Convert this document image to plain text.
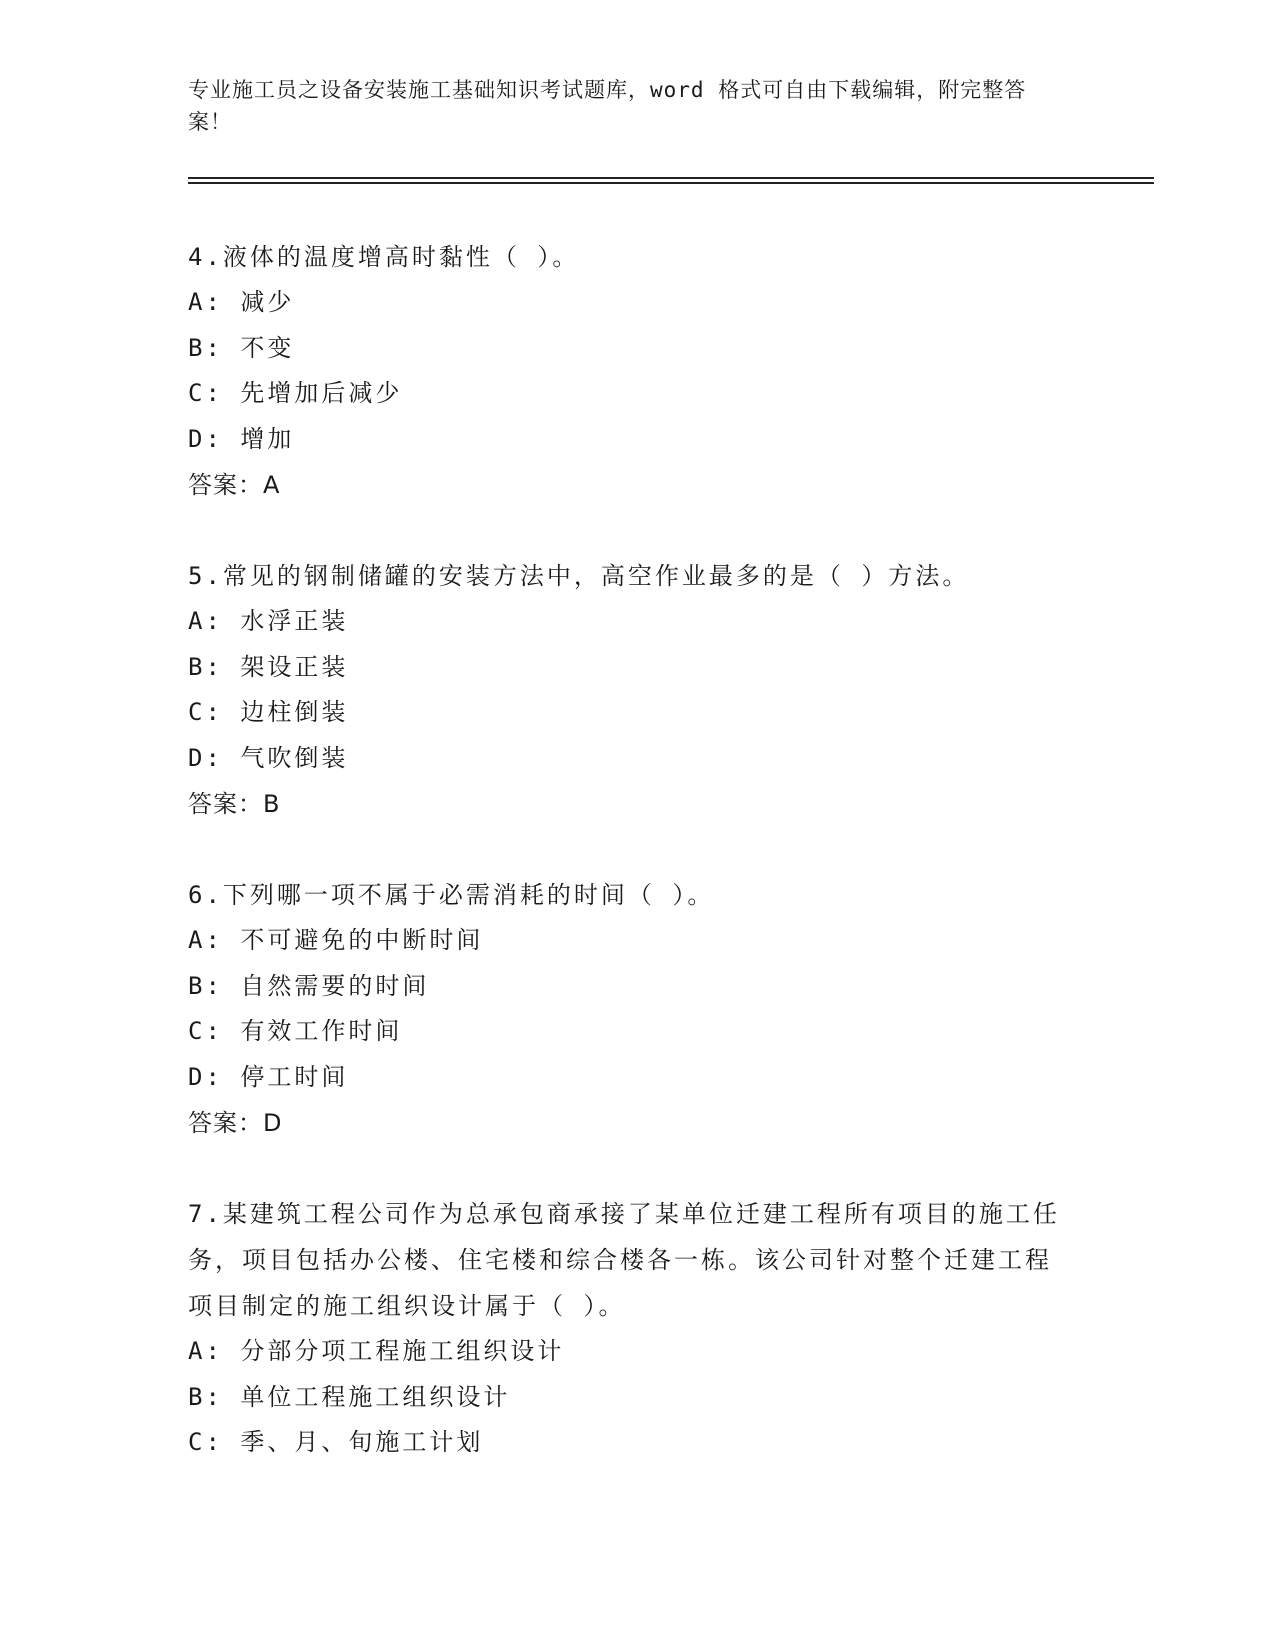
专业施工员之设备安装施工基础知识考试题库，word 格式可自由下载编辑，附完整答案！
4.液体的温度增高时黏性（ ）。
A: 减少
B: 不变
C: 先增加后减少
D: 增加
答案：A
5.常见的钢制储罐的安装方法中，高空作业最多的是（ ）方法。
A: 水浮正装
B: 架设正装
C: 边柱倒装
D: 气吹倒装
答案：B
6.下列哪一项不属于必需消耗的时间（ ）。
A: 不可避免的中断时间
B: 自然需要的时间
C: 有效工作时间
D: 停工时间
答案：D
7.某建筑工程公司作为总承包商承接了某单位迁建工程所有项目的施工任务，项目包括办公楼、住宅楼和综合楼各一栋。该公司针对整个迁建工程项目制定的施工组织设计属于（ ）。
A: 分部分项工程施工组织设计
B: 单位工程施工组织设计
C: 季、月、旬施工计划
